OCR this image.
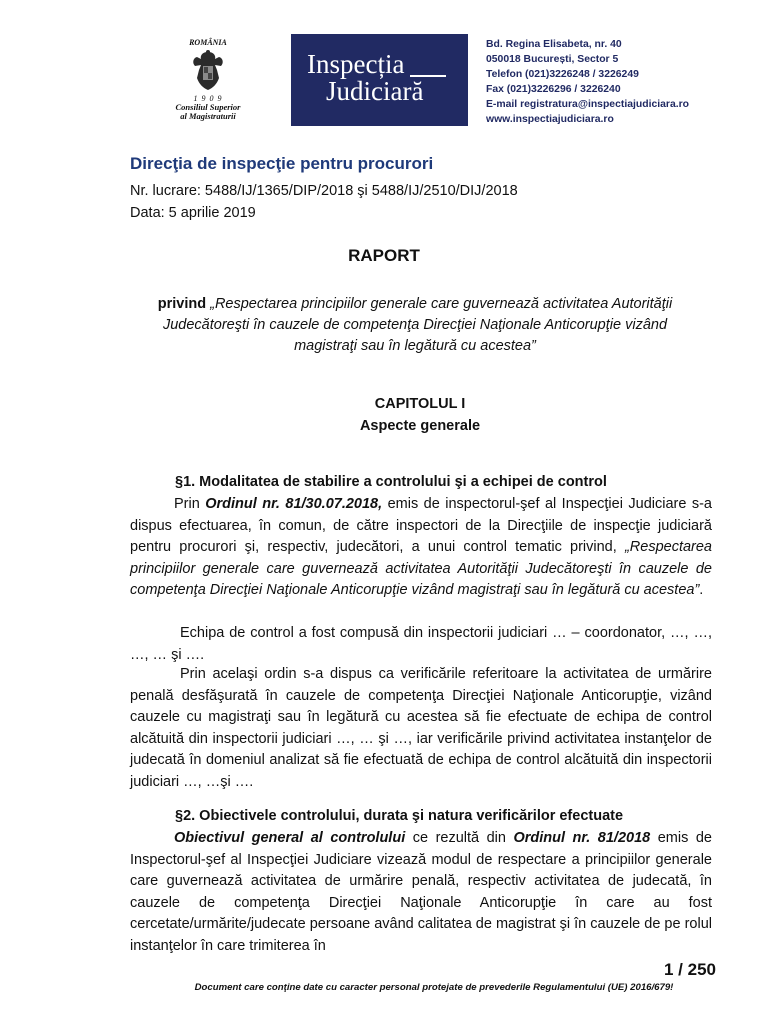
ROMÂNIA
1 9 0 9
Consiliul Superior
al Magistraturii
Inspecția
Judiciară
Bd. Regina Elisabeta, nr. 40
050018 București, Sector 5
Telefon (021)3226248 / 3226249
Fax (021)3226296 / 3226240
E-mail registratura@inspectiajudiciara.ro
www.inspectiajudiciara.ro
Direcţia de inspecţie pentru procurori
Nr. lucrare: 5488/IJ/1365/DIP/2018 şi 5488/IJ/2510/DIJ/2018
Data: 5 aprilie 2019
RAPORT
privind „Respectarea principiilor generale care guvernează activitatea Autorităţii Judecătoreşti în cauzele de competenţa Direcţiei Naţionale Anticorupţie vizând magistraţi sau în legătură cu acestea”
CAPITOLUL I
Aspecte generale
§1. Modalitatea de stabilire a controlului şi a echipei de control
Prin Ordinul nr. 81/30.07.2018, emis de inspectorul-şef al Inspecţiei Judiciare s-a dispus efectuarea, în comun, de către inspectori de la Direcţiile de inspecţie judiciară pentru procurori şi, respectiv, judecători, a unui control tematic privind, „Respectarea principiilor generale care guvernează activitatea Autorităţii Judecătoreşti în cauzele de competenţa Direcţiei Naţionale Anticorupţie vizând magistraţi sau în legătură cu acestea”.
Echipa de control a fost compusă din inspectorii judiciari … – coordonator, …, …, …, … şi ….
Prin acelaşi ordin s-a dispus ca verificările referitoare la activitatea de urmărire penală desfăşurată în cauzele de competenţa Direcţiei Naţionale Anticorupţie, vizând cauzele cu magistraţi sau în legătură cu acestea să fie efectuate de echipa de control alcătuită din inspectorii judiciari …, … şi …, iar verificările privind activitatea instanţelor de judecată în domeniul analizat să fie efectuată de echipa de control alcătuită din inspectorii judiciari …, …şi ….
§2. Obiectivele controlului, durata şi natura verificărilor efectuate
Obiectivul general al controlului ce rezultă din Ordinul nr. 81/2018 emis de Inspectorul-şef al Inspecţiei Judiciare vizează modul de respectare a principiilor generale care guvernează activitatea de urmărire penală, respectiv activitatea de judecată, în cauzele de competenţa Direcţiei Naţionale Anticorupţie în care au fost cercetate/urmărite/judecate persoane având calitatea de magistrat şi în cauzele de pe rolul instanţelor în care trimiterea în
1 / 250
Document care conţine date cu caracter personal protejate de prevederile Regulamentului (UE) 2016/679!
